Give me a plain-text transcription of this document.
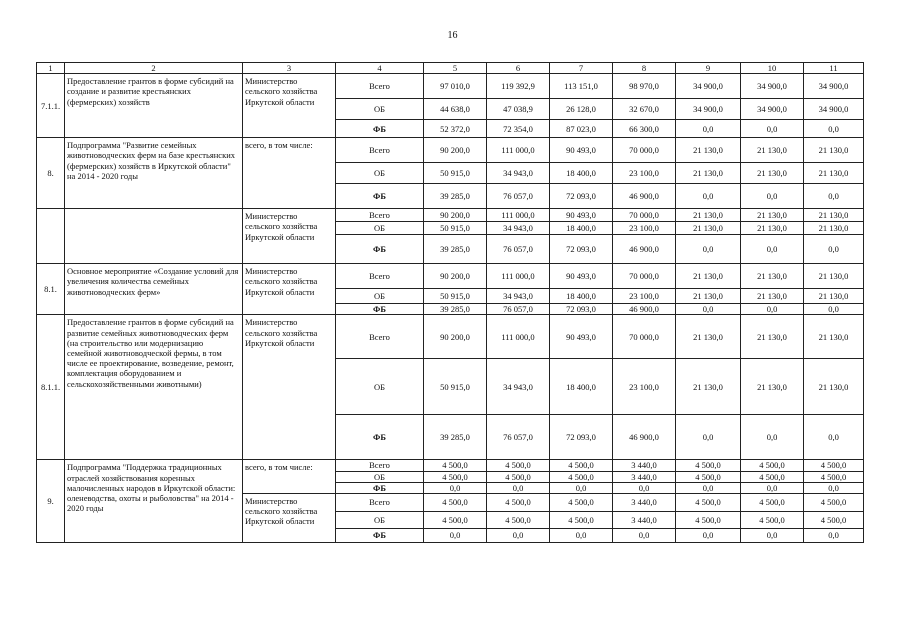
16
1	2	3	4	5	6	7	8	9	10	11
7.1.1.	Предоставление грантов в форме субсидий на создание и развитие крестьянских (фермерских) хозяйств	Министерство сельского хозяйства Иркутской области	Всего	97 010,0	119 392,9	113 151,0	98 970,0	34 900,0	34 900,0	34 900,0
			ОБ	44 638,0	47 038,9	26 128,0	32 670,0	34 900,0	34 900,0	34 900,0
			ФБ	52 372,0	72 354,0	87 023,0	66 300,0	0,0	0,0	0,0
8.	Подпрограмма "Развитие семейных животноводческих ферм на базе крестьянских (фермерских) хозяйств в Иркутской области" на 2014 - 2020 годы	всего, в том числе:	Всего	90 200,0	111 000,0	90 493,0	70 000,0	21 130,0	21 130,0	21 130,0
			ОБ	50 915,0	34 943,0	18 400,0	23 100,0	21 130,0	21 130,0	21 130,0
			ФБ	39 285,0	76 057,0	72 093,0	46 900,0	0,0	0,0	0,0
		Министерство сельского хозяйства Иркутской области	Всего	90 200,0	111 000,0	90 493,0	70 000,0	21 130,0	21 130,0	21 130,0
			ОБ	50 915,0	34 943,0	18 400,0	23 100,0	21 130,0	21 130,0	21 130,0
			ФБ	39 285,0	76 057,0	72 093,0	46 900,0	0,0	0,0	0,0
8.1.	Основное мероприятие «Создание условий для увеличения количества семейных животноводческих ферм»	Министерство сельского хозяйства Иркутской области	Всего	90 200,0	111 000,0	90 493,0	70 000,0	21 130,0	21 130,0	21 130,0
			ОБ	50 915,0	34 943,0	18 400,0	23 100,0	21 130,0	21 130,0	21 130,0
			ФБ	39 285,0	76 057,0	72 093,0	46 900,0	0,0	0,0	0,0
8.1.1.	Предоставление грантов в форме субсидий на развитие семейных животноводческих ферм (на строительство или модернизацию семейной животноводческой фермы, в том числе ее проектирование, возведение, ремонт, комплектация оборудованием и сельскохозяйственными животными)	Министерство сельского хозяйства Иркутской области	Всего	90 200,0	111 000,0	90 493,0	70 000,0	21 130,0	21 130,0	21 130,0
			ОБ	50 915,0	34 943,0	18 400,0	23 100,0	21 130,0	21 130,0	21 130,0
			ФБ	39 285,0	76 057,0	72 093,0	46 900,0	0,0	0,0	0,0
9.	Подпрограмма "Поддержка традиционных отраслей хозяйствования коренных малочисленных народов в Иркутской области: оленеводства, охоты и рыболовства" на 2014 - 2020 годы	всего, в том числе:	Всего	4 500,0	4 500,0	4 500,0	3 440,0	4 500,0	4 500,0	4 500,0
			ОБ	4 500,0	4 500,0	4 500,0	3 440,0	4 500,0	4 500,0	4 500,0
			ФБ	0,0	0,0	0,0	0,0	0,0	0,0	0,0
		Министерство сельского хозяйства Иркутской области	Всего	4 500,0	4 500,0	4 500,0	3 440,0	4 500,0	4 500,0	4 500,0
			ОБ	4 500,0	4 500,0	4 500,0	3 440,0	4 500,0	4 500,0	4 500,0
			ФБ	0,0	0,0	0,0	0,0	0,0	0,0	0,0
